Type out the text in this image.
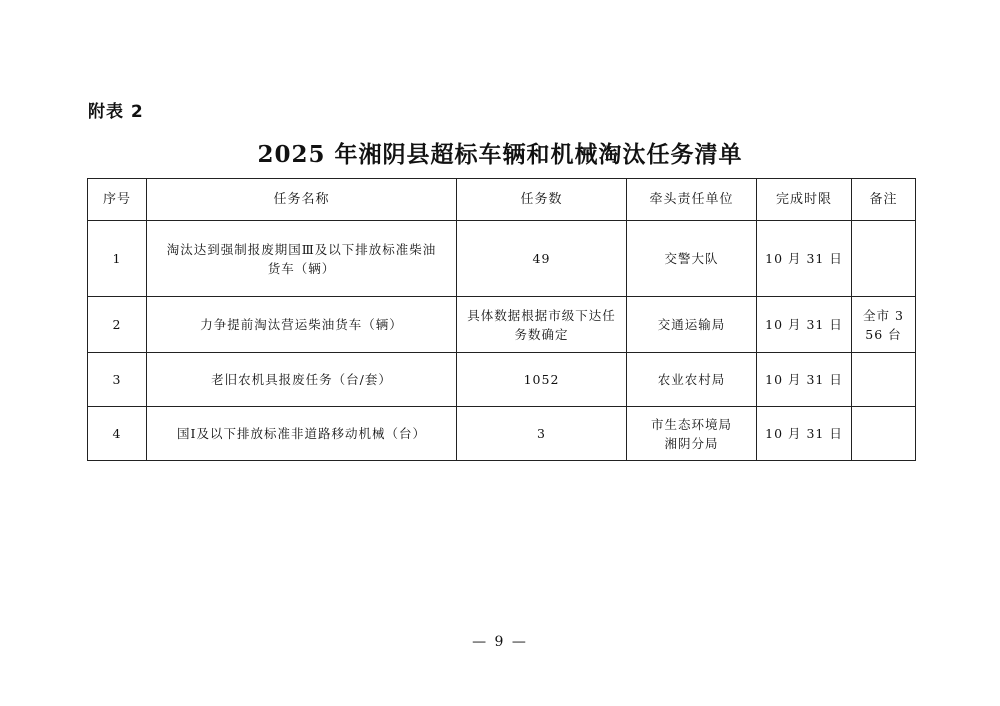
附表 2
2025 年湘阴县超标车辆和机械淘汰任务清单
序号	任务名称	任务数	牵头责任单位	完成时限	备注
1	淘汰达到强制报废期国Ⅲ及以下排放标准柴油货车（辆）	49	交警大队	10 月 31 日	
2	力争提前淘汰营运柴油货车（辆）	具体数据根据市级下达任务数确定	交通运输局	10 月 31 日	全市 356 台
3	老旧农机具报废任务（台/套）	1052	农业农村局	10 月 31 日	
4	国Ⅰ及以下排放标准非道路移动机械（台）	3	市生态环境局湘阴分局	10 月 31 日	
— 9 —
